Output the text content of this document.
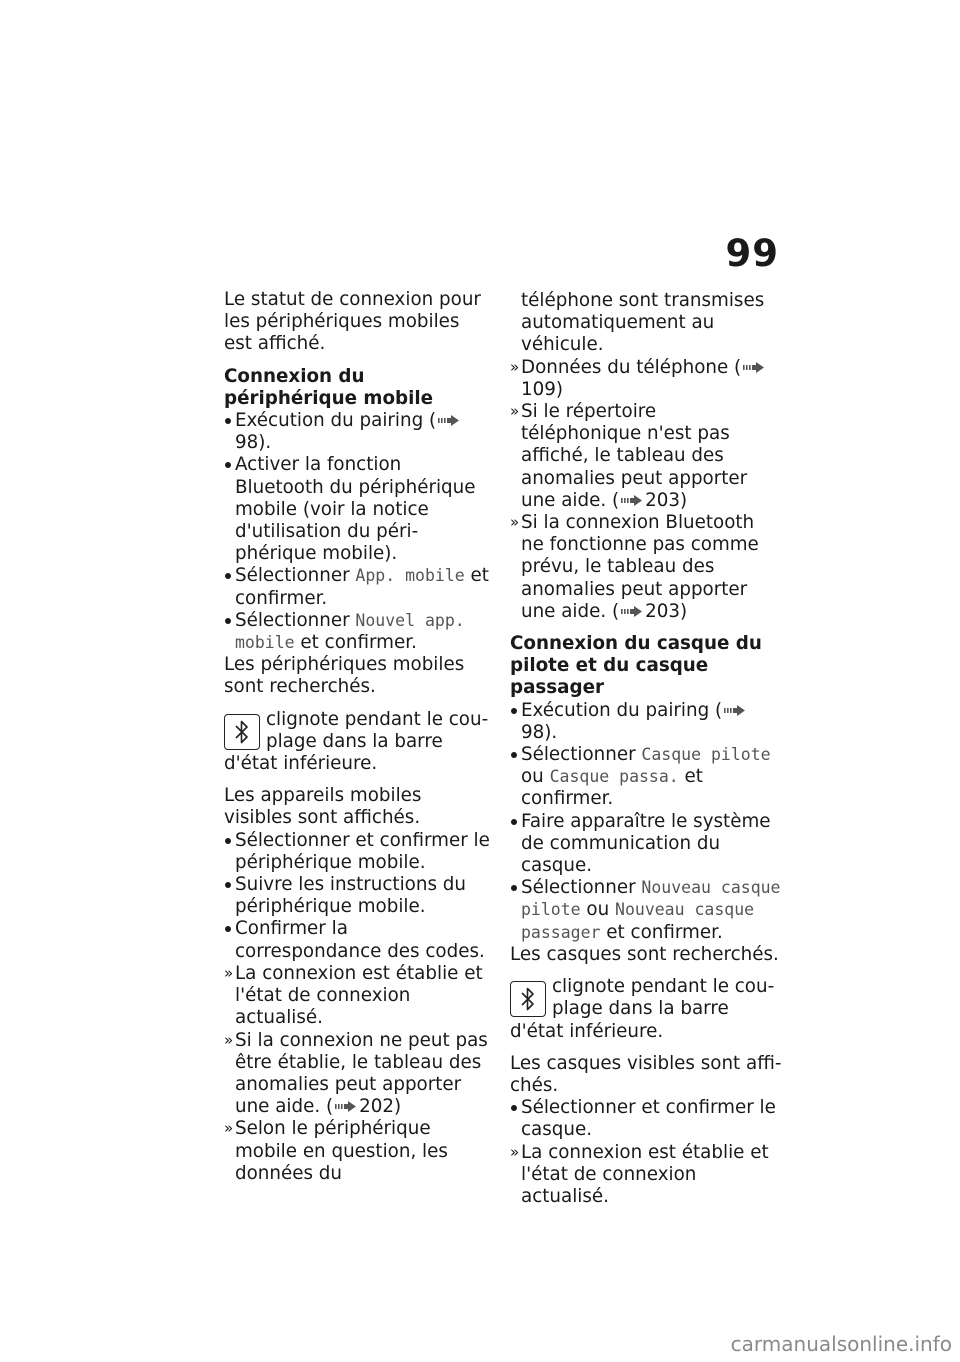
99

Le statut de connexion pour les périphériques mobiles est affiché.

Connexion du périphérique mobile

Exécution du pairing (98).

Activer la fonction Bluetooth du périphérique mobile (voir la notice d'utilisation du périphérique mobile).

Sélectionner App. mobile et confirmer.

Sélectionner Nouvel app. mobile et confirmer.

Les périphériques mobiles sont recherchés.

clignote pendant le couplage dans la barre d'état inférieure.

Les appareils mobiles visibles sont affichés.

Sélectionner et confirmer le périphérique mobile.

Suivre les instructions du périphérique mobile.

Confirmer la correspondance des codes.

» La connexion est établie et l'état de connexion actualisé.

» Si la connexion ne peut pas être établie, le tableau des anomalies peut apporter une aide. ( 202)

» Selon le périphérique mobile en question, les données du

téléphone sont transmises automatiquement au véhicule.

» Données du téléphone (109)

» Si le répertoire téléphonique n'est pas affiché, le tableau des anomalies peut apporter une aide. ( 203)

» Si la connexion Bluetooth ne fonctionne pas comme prévu, le tableau des anomalies peut apporter une aide. ( 203)

Connexion du casque du pilote et du casque passager

Exécution du pairing (98).

Sélectionner Casque pilote ou Casque passa. et confirmer.

Faire apparaître le système de communication du casque.

Sélectionner Nouveau casque pilote ou Nouveau casque passager et confirmer.

Les casques sont recherchés.

clignote pendant le couplage dans la barre d'état inférieure.

Les casques visibles sont affichés.

Sélectionner et confirmer le casque.

» La connexion est établie et l'état de connexion actualisé.

carmanualsonline.info
